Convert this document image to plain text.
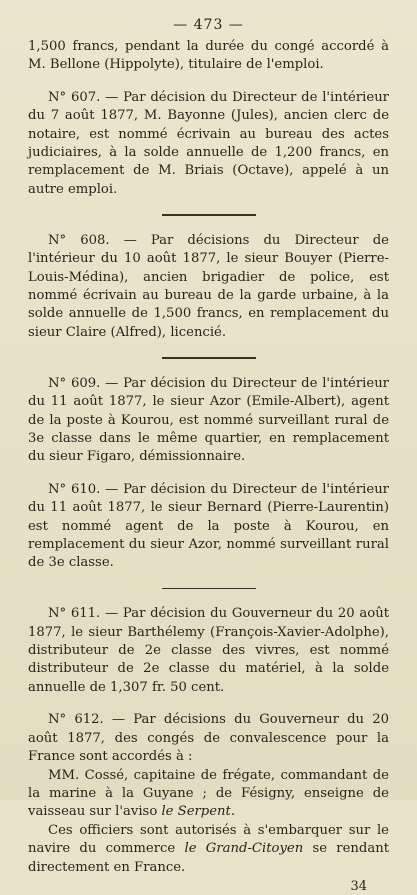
— 473 —

1,500 francs, pendant la durée du congé accordé à M. Bellone (Hippolyte), titulaire de l'emploi.

N° 607. — Par décision du Directeur de l'intérieur du 7 août 1877, M. Bayonne (Jules), ancien clerc de notaire, est nommé écrivain au bureau des actes judiciaires, à la solde annuelle de 1,200 francs, en remplacement de M. Briais (Octave), appelé à un autre emploi.

N° 608. — Par décisions du Directeur de l'intérieur du 10 août 1877, le sieur Bouyer (Pierre-Louis-Médina), ancien brigadier de police, est nommé écrivain au bureau de la garde urbaine, à la solde annuelle de 1,500 francs, en remplacement du sieur Claire (Alfred), licencié.

N° 609. — Par décision du Directeur de l'intérieur du 11 août 1877, le sieur Azor (Emile-Albert), agent de la poste à Kourou, est nommé surveillant rural de 3e classe dans le même quartier, en remplacement du sieur Figaro, démissionnaire.

N° 610. — Par décision du Directeur de l'intérieur du 11 août 1877, le sieur Bernard (Pierre-Laurentin) est nommé agent de la poste à Kourou, en remplacement du sieur Azor, nommé surveillant rural de 3e classe.

N° 611. — Par décision du Gouverneur du 20 août 1877, le sieur Barthélemy (François-Xavier-Adolphe), distributeur de 2e classe des vivres, est nommé distributeur de 2e classe du matériel, à la solde annuelle de 1,307 fr. 50 cent.

N° 612. — Par décisions du Gouverneur du 20 août 1877, des congés de convalescence pour la France sont accordés à :

MM. Cossé, capitaine de frégate, commandant de la marine à la Guyane ; de Fésigny, enseigne de vaisseau sur l'aviso le Serpent.

Ces officiers sont autorisés à s'embarquer sur le navire du commerce le Grand-Citoyen se rendant directement en France.

34
